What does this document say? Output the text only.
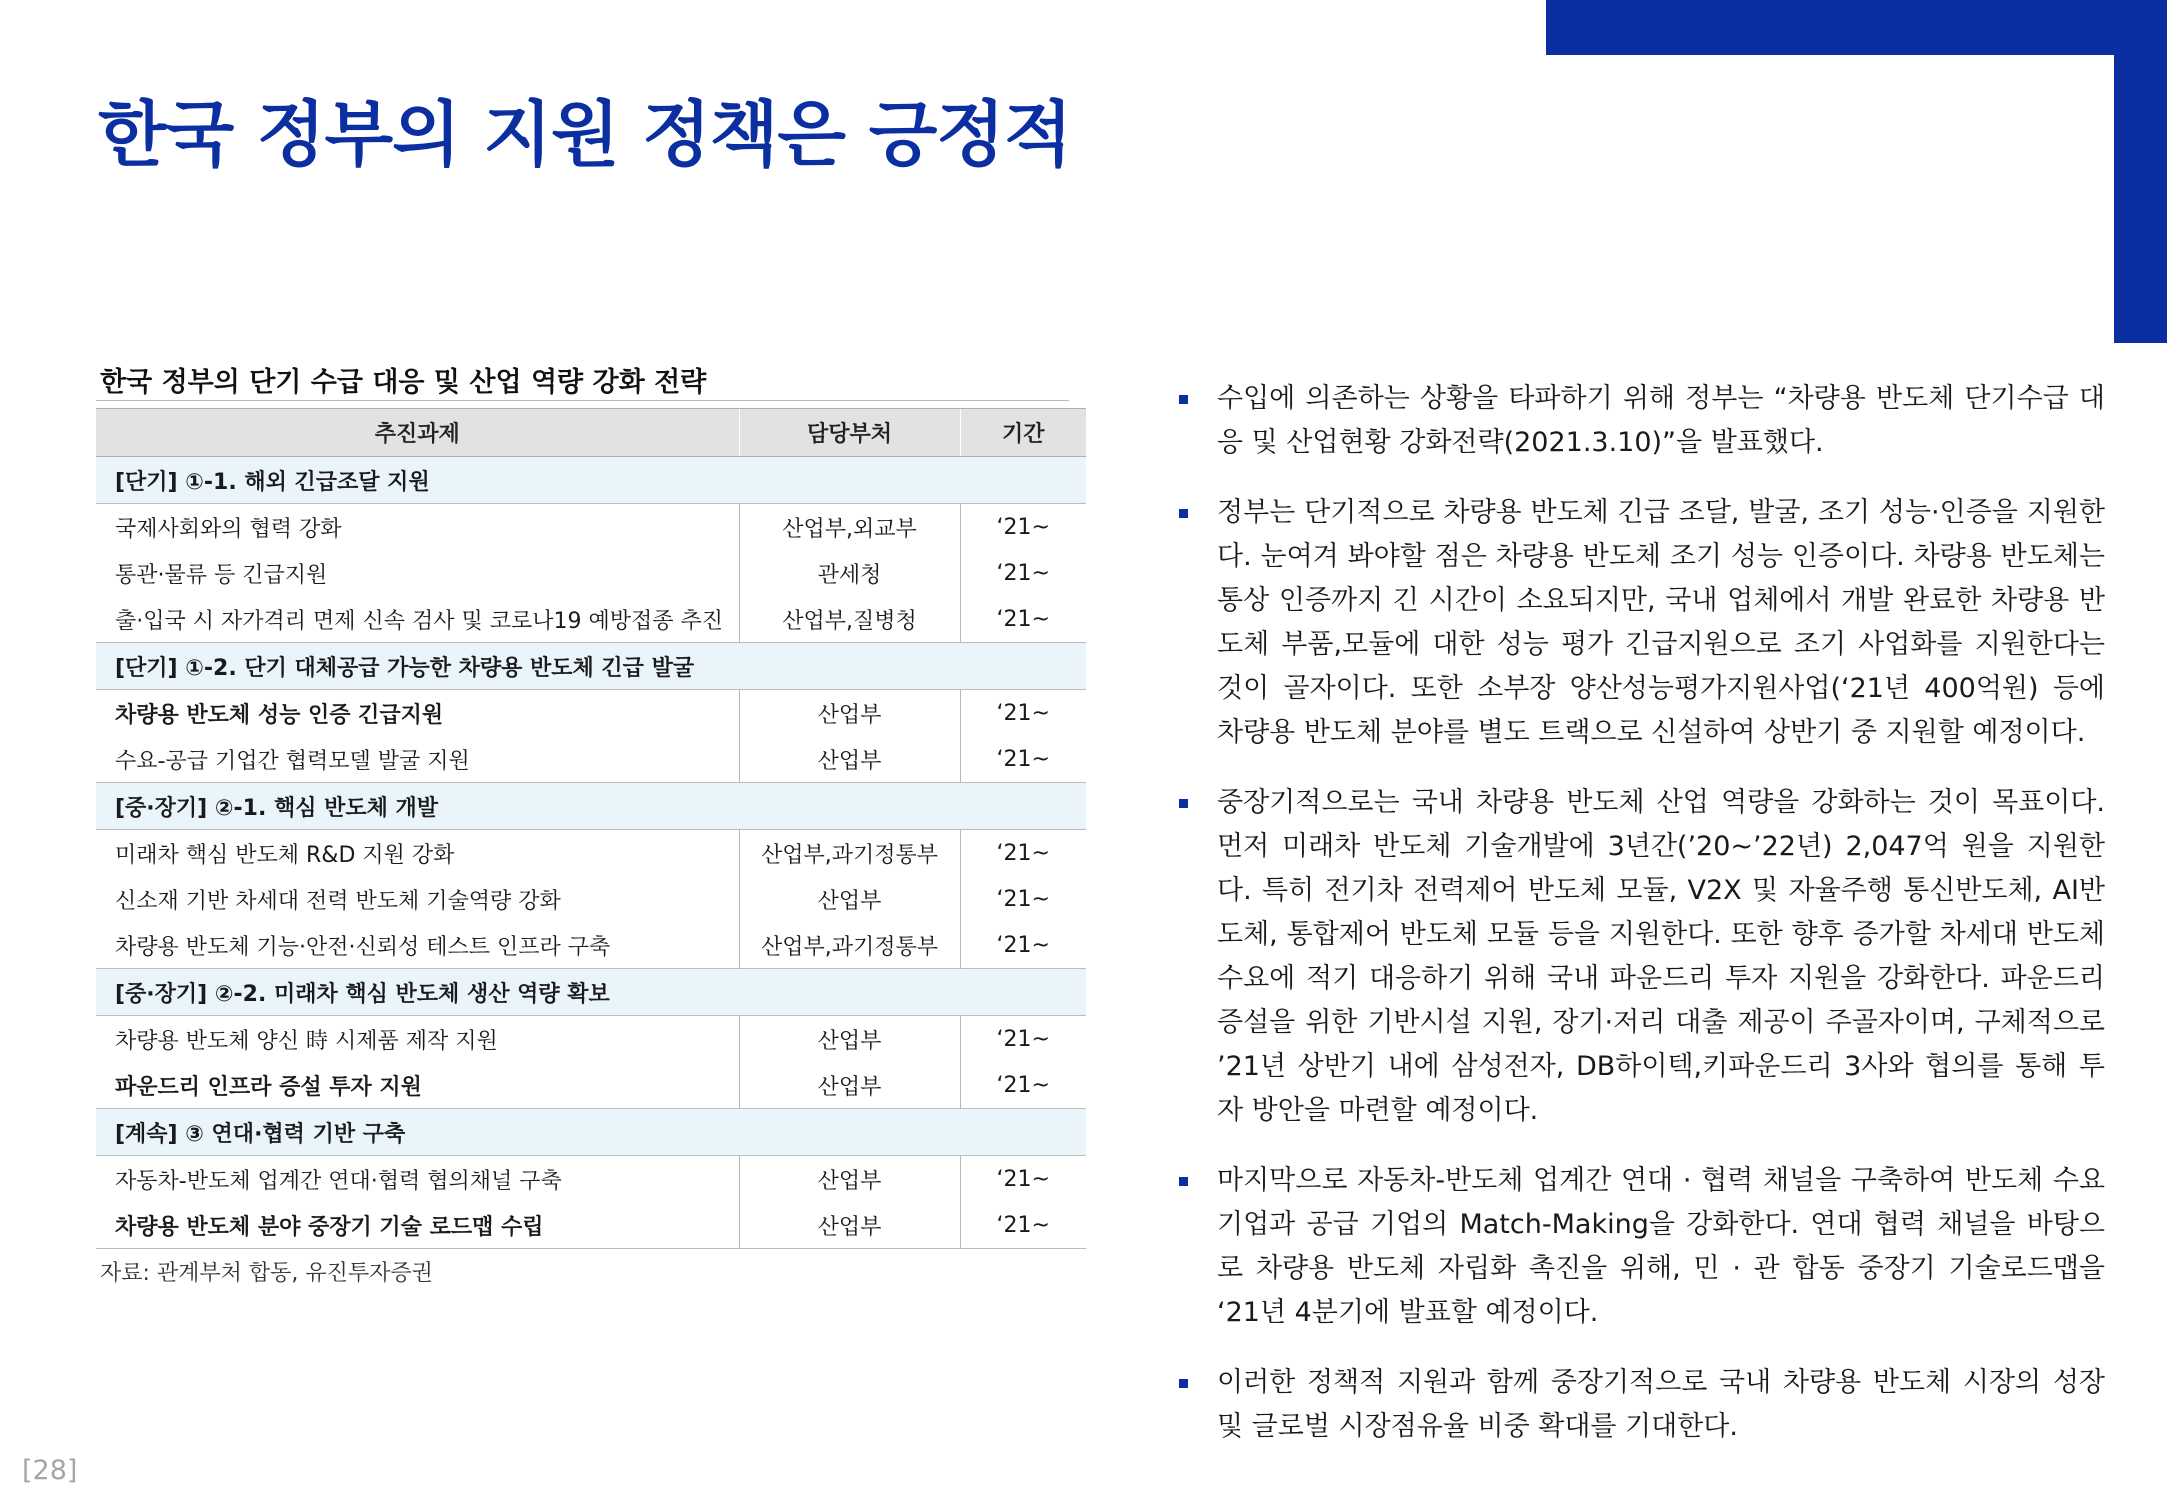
한국 정부의 지원 정책은 긍정적
한국 정부의 단기 수급 대응 및 산업 역량 강화 전략
추진과제	담당부처	기간
[단기] ①-1. 해외 긴급조달 지원		
국제사회와의 협력 강화	산업부,외교부	‘21~
통관·물류 등 긴급지원	관세청	‘21~
출·입국 시 자가격리 면제 신속 검사 및 코로나19 예방접종 추진	산업부,질병청	‘21~
[단기] ①-2. 단기 대체공급 가능한 차량용 반도체 긴급 발굴		
차량용 반도체 성능 인증 긴급지원	산업부	‘21~
수요-공급 기업간 협력모델 발굴 지원	산업부	‘21~
[중·장기] ②-1. 핵심 반도체 개발		
미래차 핵심 반도체 R&D 지원 강화	산업부,과기정통부	‘21~
신소재 기반 차세대 전력 반도체 기술역량 강화	산업부	‘21~
차량용 반도체 기능·안전·신뢰성 테스트 인프라 구축	산업부,과기정통부	‘21~
[중·장기] ②-2. 미래차 핵심 반도체 생산 역량 확보		
차량용 반도체 양신 時 시제품 제작 지원	산업부	‘21~
파운드리 인프라 증설 투자 지원	산업부	‘21~
[계속] ③ 연대·협력 기반 구축		
자동차-반도체 업계간 연대·협력 협의채널 구축	산업부	‘21~
차량용 반도체 분야 중장기 기술 로드맵 수립	산업부	‘21~
자료: 관계부처 합동, 유진투자증권
수입에 의존하는 상황을 타파하기 위해 정부는 “차량용 반도체 단기수급 대응 및 산업현황 강화전략(2021.3.10)”을 발표했다.
정부는 단기적으로 차량용 반도체 긴급 조달, 발굴, 조기 성능·인증을 지원한다. 눈여겨 봐야할 점은 차량용 반도체 조기 성능 인증이다. 차량용 반도체는 통상 인증까지 긴 시간이 소요되지만, 국내 업체에서 개발 완료한 차량용 반도체 부품,모듈에 대한 성능 평가 긴급지원으로 조기 사업화를 지원한다는 것이 골자이다. 또한 소부장 양산성능평가지원사업(‘21년 400억원) 등에 차량용 반도체 분야를 별도 트랙으로 신설하여 상반기 중 지원할 예정이다.
중장기적으로는 국내 차량용 반도체 산업 역량을 강화하는 것이 목표이다. 먼저 미래차 반도체 기술개발에 3년간(’20~’22년) 2,047억 원을 지원한다. 특히 전기차 전력제어 반도체 모듈, V2X 및 자율주행 통신반도체, AI반도체, 통합제어 반도체 모듈 등을 지원한다. 또한 향후 증가할 차세대 반도체 수요에 적기 대응하기 위해 국내 파운드리 투자 지원을 강화한다. 파운드리 증설을 위한 기반시설 지원, 장기·저리 대출 제공이 주골자이며, 구체적으로 ’21년 상반기 내에 삼성전자, DB하이텍,키파운드리 3사와 협의를 통해 투자 방안을 마련할 예정이다.
마지막으로 자동차-반도체 업계간 연대 · 협력 채널을 구축하여 반도체 수요기업과 공급 기업의 Match-Making을 강화한다. 연대 협력 채널을 바탕으로 차량용 반도체 자립화 촉진을 위해, 민 · 관 합동 중장기 기술로드맵을 ‘21년 4분기에 발표할 예정이다.
이러한 정책적 지원과 함께 중장기적으로 국내 차량용 반도체 시장의 성장 및 글로벌 시장점유율 비중 확대를 기대한다.
[28]
